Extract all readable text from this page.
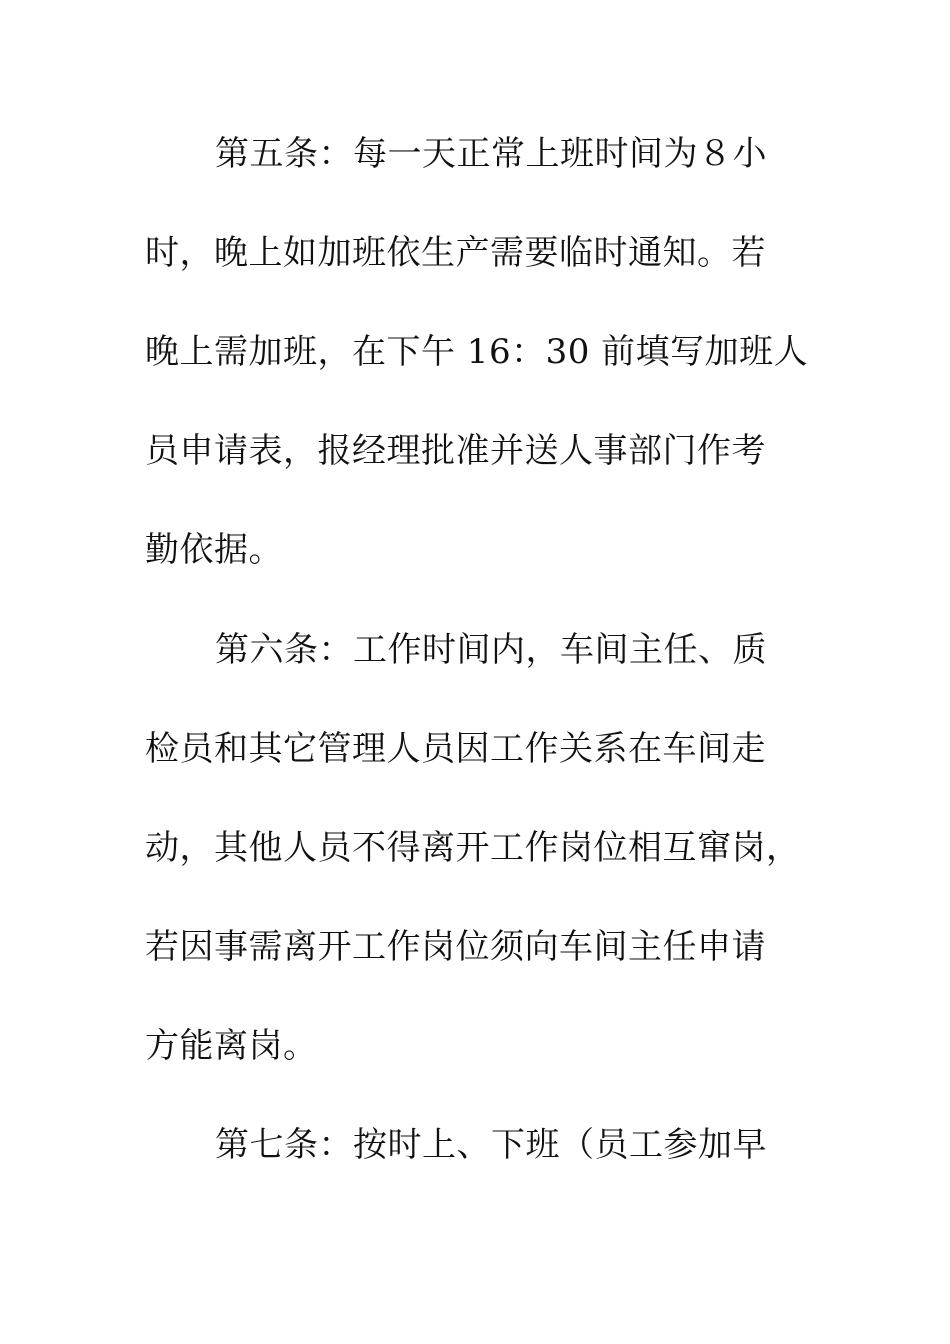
第五条：每一天正常上班时间为８小
时，晚上如加班依生产需要临时通知。若
晚上需加班，在下午 16：30 前填写加班人
员申请表，报经理批准并送人事部门作考
勤依据。
第六条：工作时间内，车间主任、质
检员和其它管理人员因工作关系在车间走
动，其他人员不得离开工作岗位相互窜岗，
若因事需离开工作岗位须向车间主任申请
方能离岗。
第七条：按时上、下班（员工参加早
